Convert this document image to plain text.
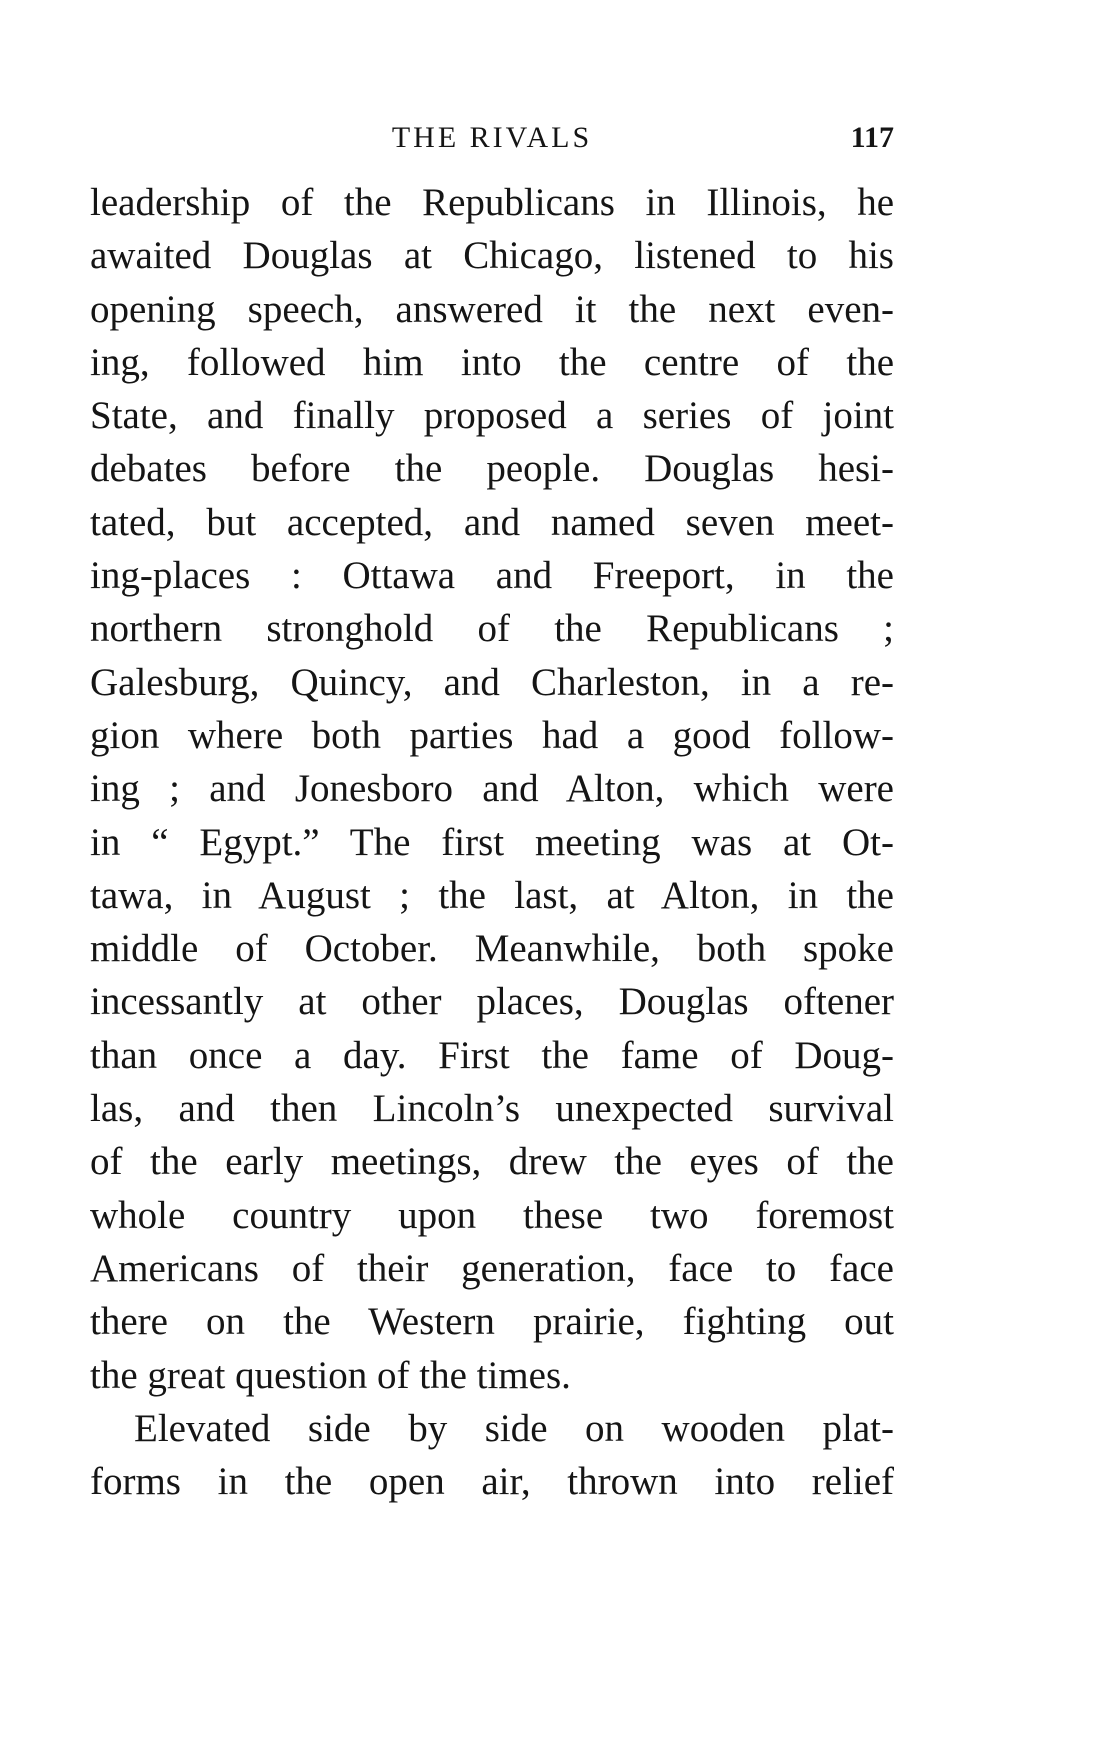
THE RIVALS	117
leadership of the Republicans in Illinois, he
awaited Douglas at Chicago, listened to his
opening speech, answered it the next even-
ing, followed him into the centre of the
State, and finally proposed a series of joint
debates before the people. Douglas hesi-
tated, but accepted, and named seven meet-
ing-places : Ottawa and Freeport, in the
northern stronghold of the Republicans ;
Galesburg, Quincy, and Charleston, in a re-
gion where both parties had a good follow-
ing ; and Jonesboro and Alton, which were
in “ Egypt.” The first meeting was at Ot-
tawa, in August ; the last, at Alton, in the
middle of October. Meanwhile, both spoke
incessantly at other places, Douglas oftener
than once a day. First the fame of Doug-
las, and then Lincoln’s unexpected survival
of the early meetings, drew the eyes of the
whole country upon these two foremost
Americans of their generation, face to face
there on the Western prairie, fighting out
the great question of the times.
Elevated side by side on wooden plat-
forms in the open air, thrown into relief
